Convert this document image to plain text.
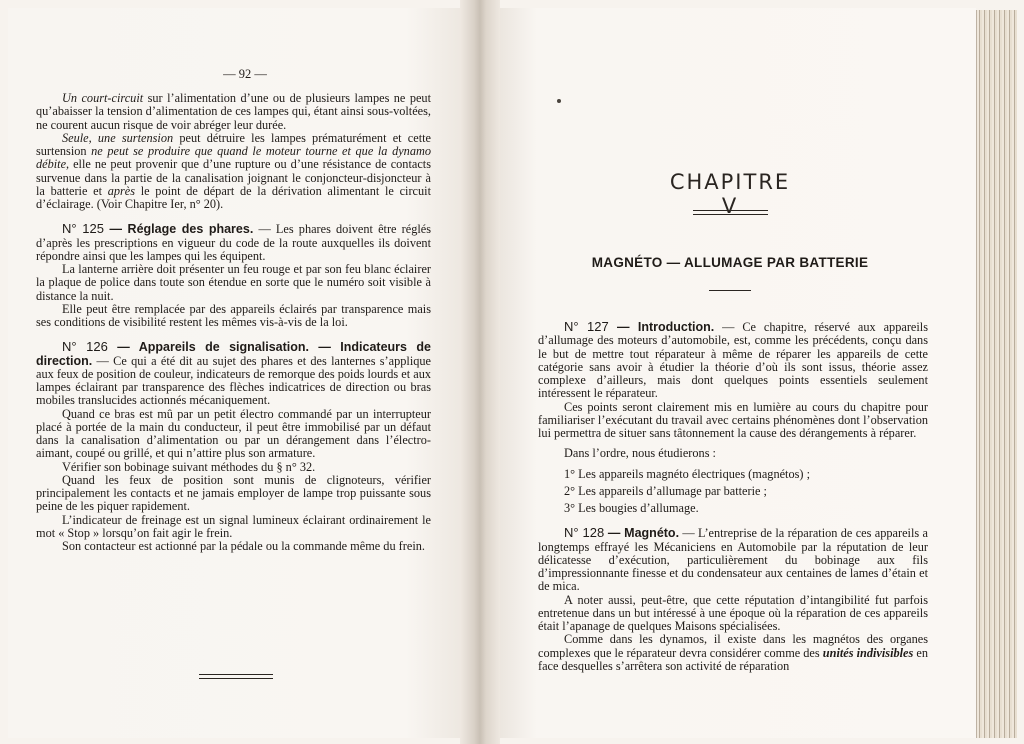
— 92 —

Un court-circuit sur l’alimentation d’une ou de plusieurs lampes ne peut qu’abaisser la tension d’alimentation de ces lampes qui, étant ainsi sous-voltées, ne courent aucun risque de voir abréger leur durée.

Seule, une surtension peut détruire les lampes prématurément et cette surtension ne peut se produire que quand le moteur tourne et que la dynamo débite, elle ne peut provenir que d’une rupture ou d’une résistance de contacts survenue dans la partie de la canalisation joignant le conjoncteur-disjoncteur à la batterie et après le point de départ de la dérivation alimentant le circuit d’éclairage. (Voir Chapitre Ier, n° 20).

N° 125 — Réglage des phares. — Les phares doivent être réglés d’après les prescriptions en vigueur du code de la route auxquelles ils doivent répondre ainsi que les lampes qui les équipent.

La lanterne arrière doit présenter un feu rouge et par son feu blanc éclairer la plaque de police dans toute son étendue en sorte que le numéro soit visible à distance la nuit.

Elle peut être remplacée par des appareils éclairés par transparence mais ses conditions de visibilité restent les mêmes vis-à-vis de la loi.

N° 126 — Appareils de signalisation. — Indicateurs de direction. — Ce qui a été dit au sujet des phares et des lanternes s’applique aux feux de position de couleur, indicateurs de remorque des poids lourds et aux lampes éclairant par transparence des flèches indicatrices de direction ou bras mobiles translucides actionnés mécaniquement.

Quand ce bras est mû par un petit électro commandé par un interrupteur placé à portée de la main du conducteur, il peut être immobilisé par un défaut dans la canalisation d’alimentation ou par un dérangement dans l’électro-aimant, coupé ou grillé, et qui n’attire plus son armature.

Vérifier son bobinage suivant méthodes du § n° 32.

Quand les feux de position sont munis de clignoteurs, vérifier principalement les contacts et ne jamais employer de lampe trop puissante sous peine de les piquer rapidement.

L’indicateur de freinage est un signal lumineux éclairant ordinairement le mot « Stop » lorsqu’on fait agir le frein.

Son contacteur est actionné par la pédale ou la commande même du frein.

CHAPITRE V
MAGNÉTO — ALLUMAGE PAR BATTERIE

N° 127 — Introduction. — Ce chapitre, réservé aux appareils d’allumage des moteurs d’automobile, est, comme les précédents, conçu dans le but de mettre tout réparateur à même de réparer les appareils de cette catégorie sans avoir à étudier la théorie d’où ils sont issus, théorie assez complexe d’ailleurs, mais dont quelques points essentiels seulement intéressent le réparateur.

Ces points seront clairement mis en lumière au cours du chapitre pour familiariser l’exécutant du travail avec certains phénomènes dont l’observation lui permettra de situer sans tâtonnement la cause des dérangements à réparer.

Dans l’ordre, nous étudierons :

1° Les appareils magnéto électriques (magnétos) ;

2° Les appareils d’allumage par batterie ;

3° Les bougies d’allumage.

N° 128 — Magnéto. — L’entreprise de la réparation de ces appareils a longtemps effrayé les Mécaniciens en Automobile par la réputation de leur délicatesse d’exécution, particulièrement du bobinage aux fils d’impressionnante finesse et du condensateur aux centaines de lames d’étain et de mica.

A noter aussi, peut-être, que cette réputation d’intangibilité fut parfois entretenue dans un but intéressé à une époque où la réparation de ces appareils était l’apanage de quelques Maisons spécialisées.

Comme dans les dynamos, il existe dans les magnétos des organes complexes que le réparateur devra considérer comme des unités indivisibles en face desquelles s’arrêtera son activité de réparation
